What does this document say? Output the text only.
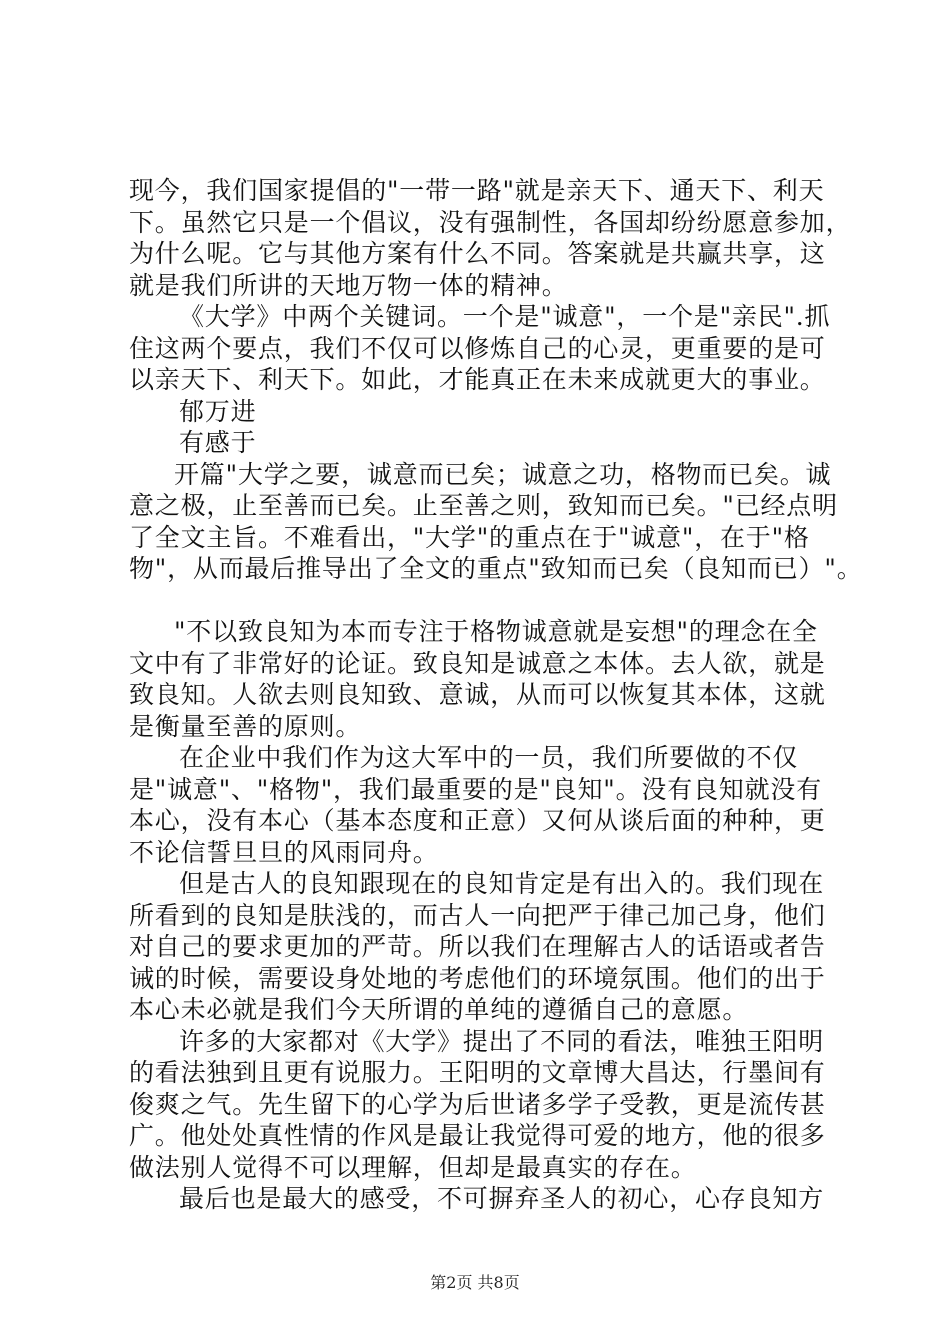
现今，我们国家提倡的"一带一路"就是亲天下、通天下、利天
下。虽然它只是一个倡议，没有强制性，各国却纷纷愿意参加，
为什么呢。它与其他方案有什么不同。答案就是共赢共享，这
就是我们所讲的天地万物一体的精神。
《大学》中两个关键词。一个是"诚意"，一个是"亲民".抓
住这两个要点，我们不仅可以修炼自己的心灵，更重要的是可
以亲天下、利天下。如此，才能真正在未来成就更大的事业。
郁万进
有感于
开篇"大学之要，诚意而已矣；诚意之功，格物而已矣。诚
意之极，止至善而已矣。止至善之则，致知而已矣。"已经点明
了全文主旨。不难看出，"大学"的重点在于"诚意"，在于"格
物"，从而最后推导出了全文的重点"致知而已矣（良知而已）"。
"不以致良知为本而专注于格物诚意就是妄想"的理念在全
文中有了非常好的论证。致良知是诚意之本体。去人欲，就是
致良知。人欲去则良知致、意诚，从而可以恢复其本体，这就
是衡量至善的原则。
在企业中我们作为这大军中的一员，我们所要做的不仅
是"诚意"、"格物"，我们最重要的是"良知"。没有良知就没有
本心，没有本心（基本态度和正意）又何从谈后面的种种，更
不论信誓旦旦的风雨同舟。
但是古人的良知跟现在的良知肯定是有出入的。我们现在
所看到的良知是肤浅的，而古人一向把严于律己加己身，他们
对自己的要求更加的严苛。所以我们在理解古人的话语或者告
诫的时候，需要设身处地的考虑他们的环境氛围。他们的出于
本心未必就是我们今天所谓的单纯的遵循自己的意愿。
许多的大家都对《大学》提出了不同的看法，唯独王阳明
的看法独到且更有说服力。王阳明的文章博大昌达，行墨间有
俊爽之气。先生留下的心学为后世诸多学子受教，更是流传甚
广。他处处真性情的作风是最让我觉得可爱的地方，他的很多
做法别人觉得不可以理解，但却是最真实的存在。
最后也是最大的感受，不可摒弃圣人的初心，心存良知方
第2页 共8页
